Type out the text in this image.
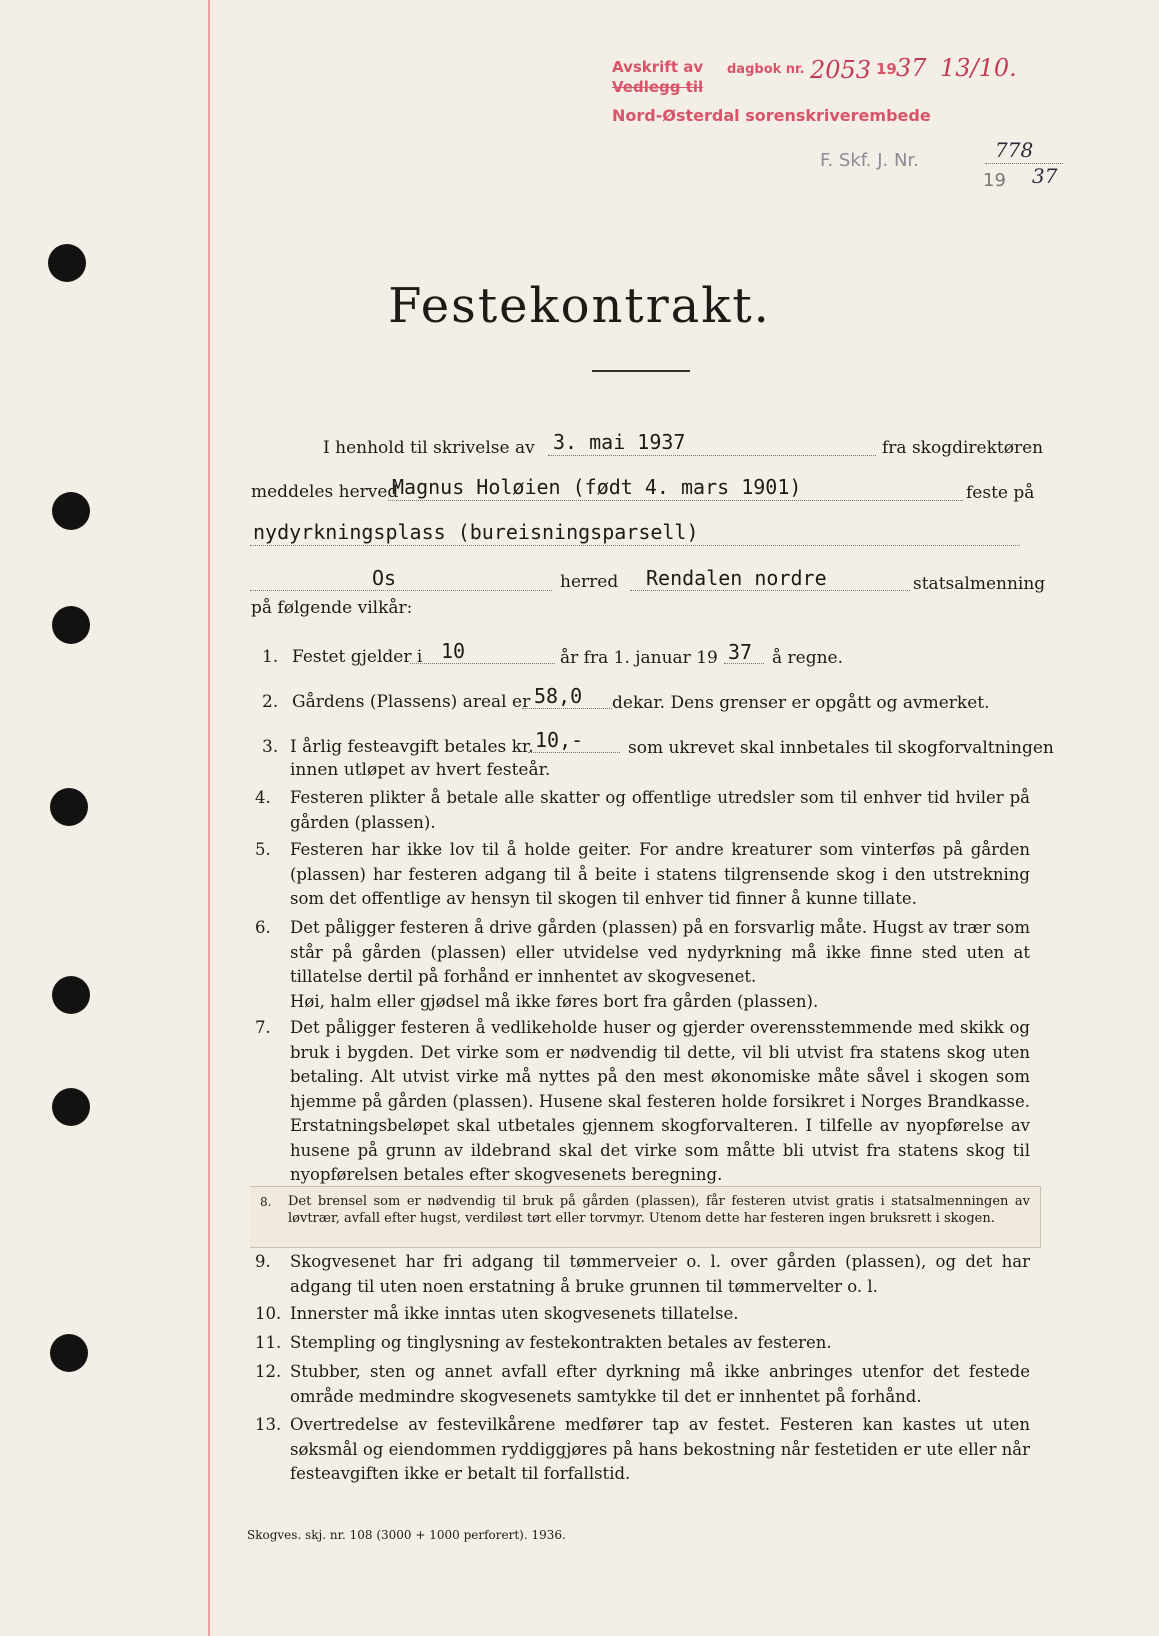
Avskrift av dagbok nr.
Vedlegg til
Nord-Østerdal sorenskriverembede
2053 19 37 13/10.
F. Skf. J. Nr.	778
19 37
Festekontrakt.
I henhold til skrivelse av 3. mai 1937	fra skogdirektøren
meddeles herved
Magnus Holøien (født 4. mars 1901)	feste på
nydyrkningsplass (bureisningsparsell)
Os	herred Rendalen nordre	statsalmenning
på følgende vilkår:
1. Festet gjelder i 10	år fra 1. januar 19 37 å regne.
2. Gårdens (Plassens) areal er 58,0 dekar. Dens grenser er opgått og avmerket.
3. I årlig festeavgift betales kr. 10,-	som ukrevet skal innbetales til skogforvaltningen
innen utløpet av hvert festeår.
4. Festeren plikter å betale alle skatter og offentlige utredsler som til enhver tid hviler på gården (plassen).
5. Festeren har ikke lov til å holde geiter. For andre kreaturer som vinterføs på gården (plassen) har festeren adgang til å beite i statens tilgrensende skog i den utstrekning som det offentlige av hensyn til skogen til enhver tid finner å kunne tillate.
6. Det påligger festeren å drive gården (plassen) på en forsvarlig måte. Hugst av trær som står på gården (plassen) eller utvidelse ved nydyrkning må ikke finne sted uten at tillatelse dertil på forhånd er innhentet av skogvesenet.
Høi, halm eller gjødsel må ikke føres bort fra gården (plassen).
7. Det påligger festeren å vedlikeholde huser og gjerder overensstemmende med skikk og bruk i bygden. Det virke som er nødvendig til dette, vil bli utvist fra statens skog uten betaling. Alt utvist virke må nyttes på den mest økonomiske måte såvel i skogen som hjemme på gården (plassen). Husene skal festeren holde forsikret i Norges Brandkasse. Erstatningsbeløpet skal utbetales gjennem skogforvalteren. I tilfelle av nyopførelse av husene på grunn av ildebrand skal det virke som måtte bli utvist fra statens skog til nyopførelsen betales efter skogvesenets beregning.
8. Det brensel som er nødvendig til bruk på gården (plassen), får festeren utvist gratis i statsalmenningen av løvtrær, avfall efter hugst, verdiløst tørt eller torvmyr. Utenom dette har festeren ingen bruksrett i skogen.
9. Skogvesenet har fri adgang til tømmerveier o. l. over gården (plassen), og det har adgang til uten noen erstatning å bruke grunnen til tømmervelter o. l.
10. Innerster må ikke inntas uten skogvesenets tillatelse.
11. Stempling og tinglysning av festekontrakten betales av festeren.
12. Stubber, sten og annet avfall efter dyrkning må ikke anbringes utenfor det festede område medmindre skogvesenets samtykke til det er innhentet på forhånd.
13. Overtredelse av festevilkårene medfører tap av festet. Festeren kan kastes ut uten søksmål og eiendommen ryddiggjøres på hans bekostning når festetiden er ute eller når festeavgiften ikke er betalt til forfallstid.
Skogves. skj. nr. 108 (3000 + 1000 perforert). 1936.
